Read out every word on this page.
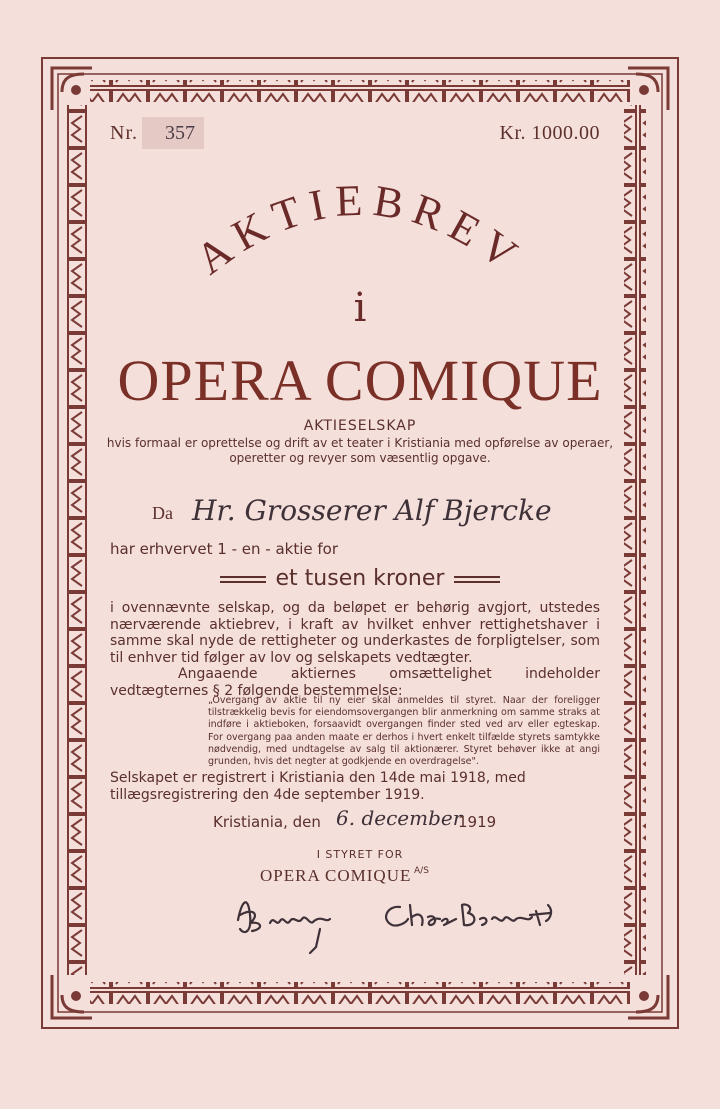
Nr. 357	Kr. 1000.00
AKTIEBREV
i
OPERA COMIQUE
AKTIESELSKAP
hvis formaal er oprettelse og drift av et teater i Kristiania med opførelse av operaer, operetter og revyer som væsentlig opgave.
Da Hr. Grosserer Alf Bjercke
har erhvervet 1 - en - aktie for
et tusen kroner

i ovennævnte selskap, og da beløpet er behørig avgjort, utstedes nærværende aktiebrev, i kraft av hvilket enhver rettighetshaver i samme skal nyde de rettigheter og underkastes de forpligtelser, som til enhver tid følger av lov og selskapets vedtægter.

Angaaende aktiernes omsættelighet indeholder vedtægternes § 2 følgende bestemmelse:

„Overgang av aktie til ny eier skal anmeldes til styret. Naar der foreligger tilstrækkelig bevis for eiendomsovergangen blir anmerkning om samme straks at indføre i aktieboken, forsaavidt overgangen finder sted ved arv eller egteskap. For overgang paa anden maate er derhos i hvert enkelt tilfælde styrets samtykke nødvendig, med undtagelse av salg til aktionærer. Styret behøver ikke at angi grunden, hvis det negter at godkjende en overdragelse".
Selskapet er registrert i Kristiania den 14de mai 1918, med tillægsregistrering den 4de september 1919.
Kristiania, den 6. december
1919
I STYRET FOR
OPERA COMIQUE A/S
